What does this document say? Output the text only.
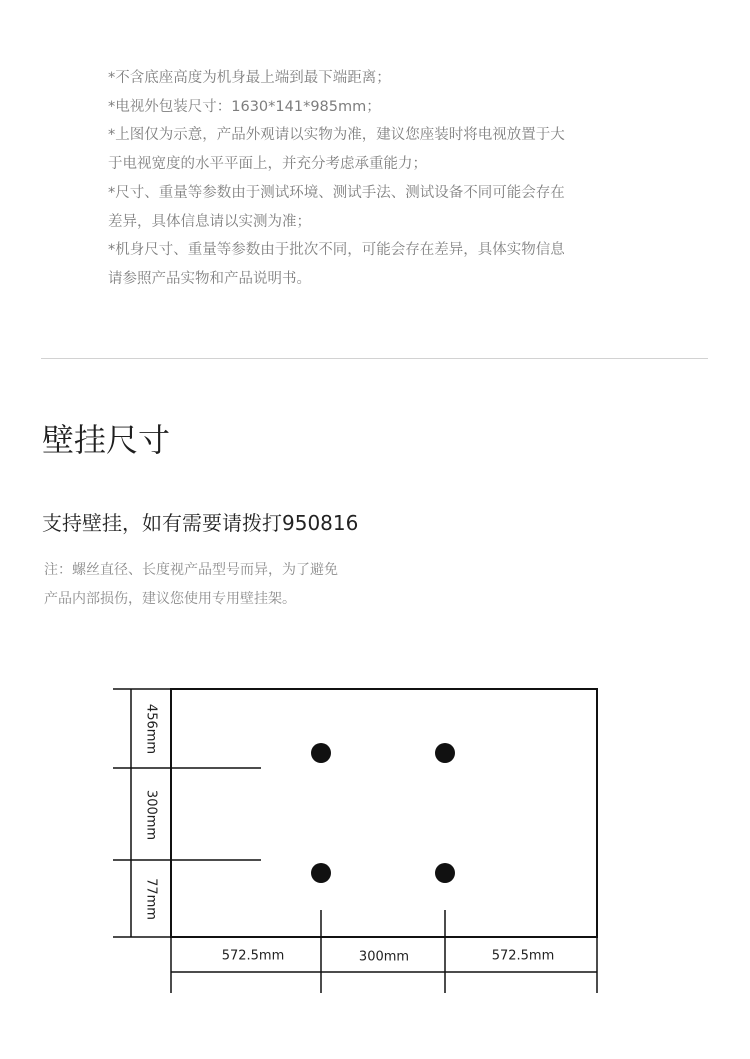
*不含底座高度为机身最上端到最下端距离；
*电视外包装尺寸：1630*141*985mm；
*上图仅为示意，产品外观请以实物为准，建议您座装时将电视放置于大
于电视宽度的水平平面上，并充分考虑承重能力；
*尺寸、重量等参数由于测试环境、测试手法、测试设备不同可能会存在
差异，具体信息请以实测为准；
*机身尺寸、重量等参数由于批次不同，可能会存在差异，具体实物信息
请参照产品实物和产品说明书。
壁挂尺寸
支持壁挂，如有需要请拨打950816
注：螺丝直径、长度视产品型号而异，为了避免
产品内部损伤，建议您使用专用壁挂架。
456mm
300mm
77mm
572.5mm	300mm	572.5mm
